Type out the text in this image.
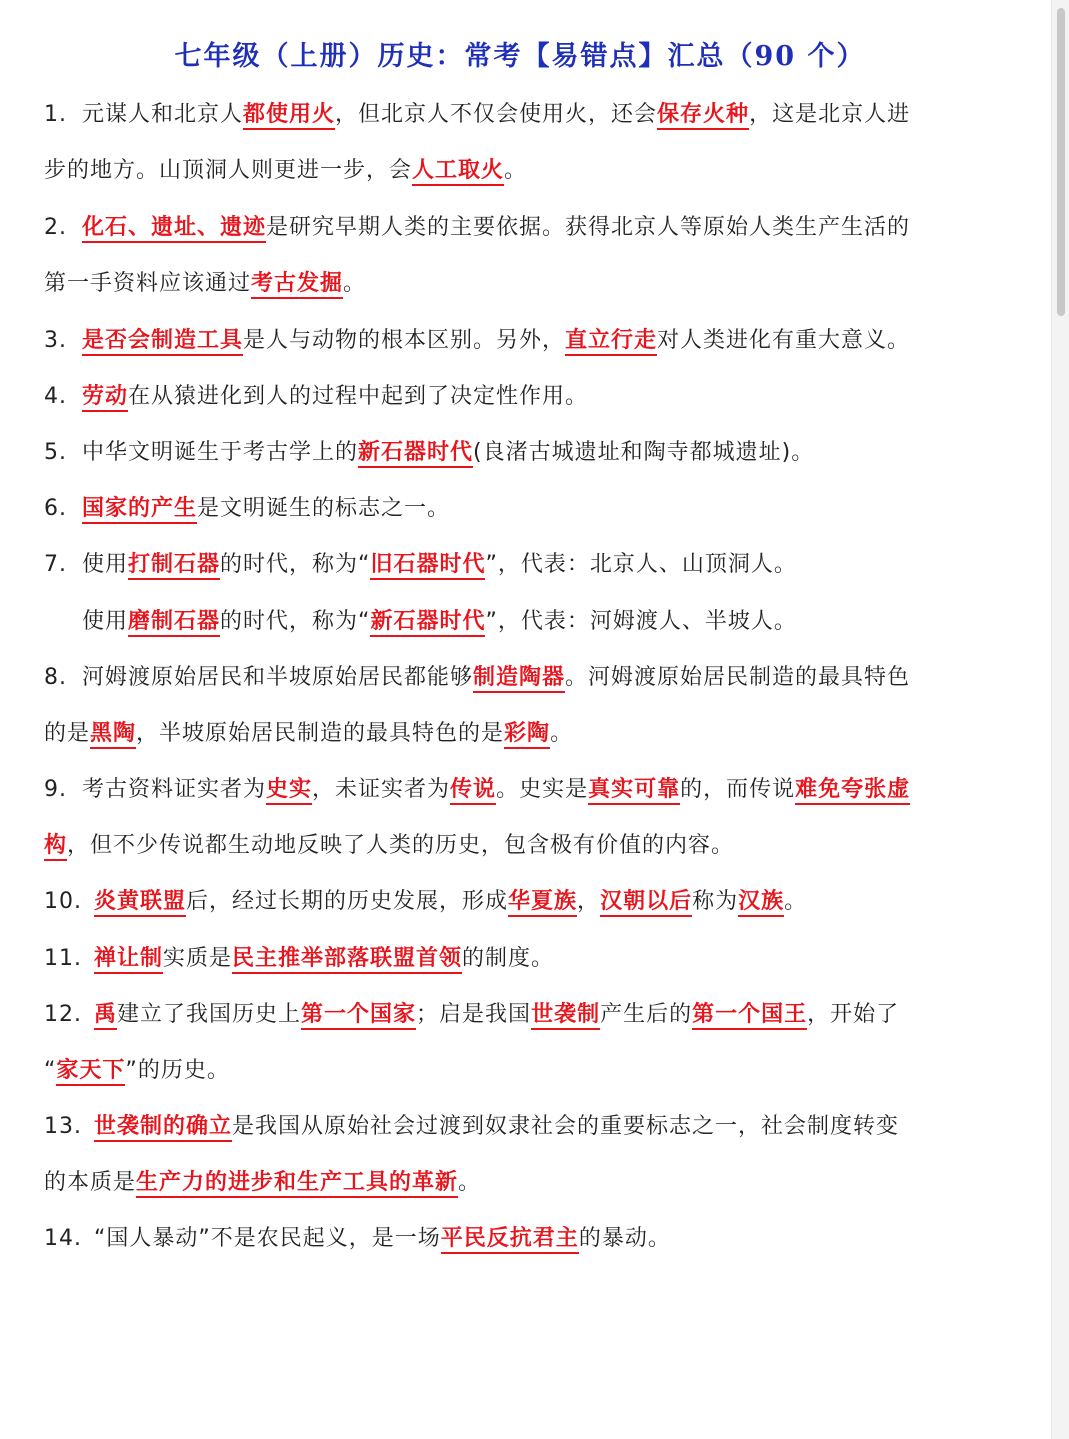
七年级（上册）历史：常考【易错点】汇总（90 个）
1. 元谋人和北京人都使用火，但北京人不仅会使用火，还会保存火种，这是北京人进
步的地方。山顶洞人则更进一步，会人工取火。
2. 化石、遗址、遗迹是研究早期人类的主要依据。获得北京人等原始人类生产生活的
第一手资料应该通过考古发掘。
3. 是否会制造工具是人与动物的根本区别。另外，直立行走对人类进化有重大意义。
4. 劳动在从猿进化到人的过程中起到了决定性作用。
5. 中华文明诞生于考古学上的新石器时代(良渚古城遗址和陶寺都城遗址)。
6. 国家的产生是文明诞生的标志之一。
7. 使用打制石器的时代，称为“旧石器时代”，代表：北京人、山顶洞人。
使用磨制石器的时代，称为“新石器时代”，代表：河姆渡人、半坡人。
8. 河姆渡原始居民和半坡原始居民都能够制造陶器。河姆渡原始居民制造的最具特色
的是黑陶，半坡原始居民制造的最具特色的是彩陶。
9. 考古资料证实者为史实，未证实者为传说。史实是真实可靠的，而传说难免夸张虚
构，但不少传说都生动地反映了人类的历史，包含极有价值的内容。
10. 炎黄联盟后，经过长期的历史发展，形成华夏族，汉朝以后称为汉族。
11. 禅让制实质是民主推举部落联盟首领的制度。
12. 禹建立了我国历史上第一个国家；启是我国世袭制产生后的第一个国王，开始了
“家天下”的历史。
13. 世袭制的确立是我国从原始社会过渡到奴隶社会的重要标志之一，社会制度转变
的本质是生产力的进步和生产工具的革新。
14. “国人暴动”不是农民起义，是一场平民反抗君主的暴动。
